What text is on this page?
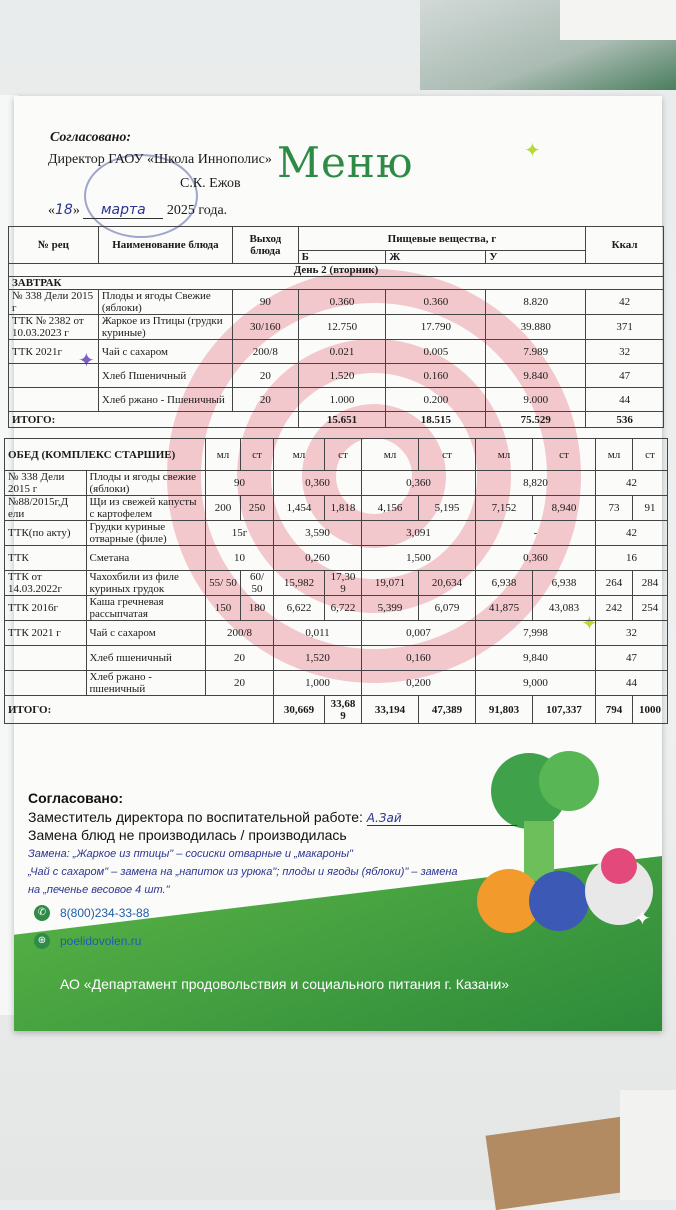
Согласовано:
Директор ГАОУ «Школа Иннополис»
С.К. Ежов
«18» марта 2025 года.
Меню	✦
✦
✦
№ рец	Наименование блюда	Выход блюда	Пищевые вещества, г			Ккал
			Б	Ж	У	
День 2 (вторник)						
ЗАВТРАК						
№ 338 Дели 2015 г	Плоды и ягоды Свежие (яблоки)	90	0.360	0.360	8.820	42
ТТК № 2382 от 10.03.2023 г	Жаркое из Птицы (грудки куриные)	30/160	12.750	17.790	39.880	371
ТТК 2021г	Чай с сахаром	200/8	0.021	0.005	7.989	32
	Хлеб Пшеничный	20	1.520	0.160	9.840	47
	Хлеб ржано - Пшеничный	20	1.000	0.200	9.000	44
ИТОГО:			15.651	18.515	75.529	536
ОБЕД (КОМПЛЕКС СТАРШИЕ)		мл	ст	мл	ст	мл	ст	мл	ст	мл	ст
№ 338 Дели 2015 г	Плоды и ягоды свежие (яблоки)	90		0,360		0,360		8,820		42	
№88/2015г,Д ели	Щи из свежей капусты с картофелем	200	250	1,454	1,818	4,156	5,195	7,152	8,940	73	91
ТТК(по акту)	Грудки куриные отварные (филе)	15г		3,590		3,091		-		42	
ТТК	Сметана	10		0,260		1,500		0,360		16	
ТТК от 14.03.2022г	Чахохбили из филе куриных грудок	55/ 50	60/ 50	15,982	17,30 9	19,071	20,634	6,938	6,938	264	284
ТТК 2016г	Каша гречневая рассыпчатая	150	180	6,622	6,722	5,399	6,079	41,875	43,083	242	254
ТТК 2021 г	Чай с сахаром	200/8		0,011		0,007		7,998		32	
	Хлеб пшеничный	20		1,520		0,160		9,840		47	
	Хлеб ржано - пшеничный	20		1,000		0,200		9,000		44	
ИТОГО:				30,669	33,68 9	33,194	47,389	91,803	107,337	794	1000
Согласовано:
Заместитель директора по воспитательной работе: А.Зай
Замена блюд не производилась / производилась
Замена: „Жаркое из птицы" – сосиски отварные и „макароны"
„Чай с сахаром" – замена на „напиток из урюка"; плоды и ягоды (яблоки)" – замена
на „печенье весовое 4 шт."
✆	8(800)234-33-88
⊕	poelidovolen.ru
✦
АО «Департамент продовольствия и социального питания г. Казани»
